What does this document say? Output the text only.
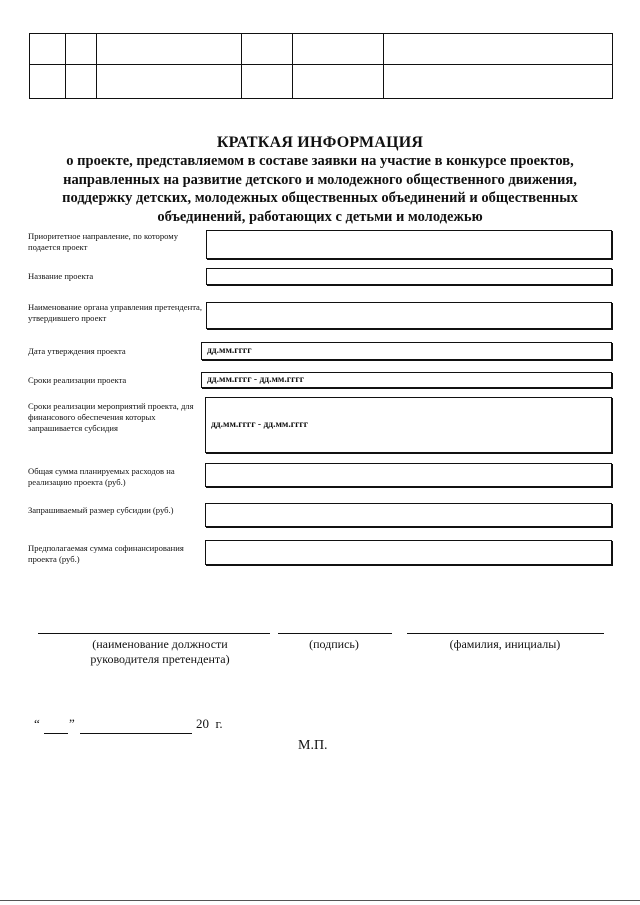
КРАТКАЯ ИНФОРМАЦИЯ
о проекте, представляемом в составе заявки на участие в конкурсе проектов, направленных на развитие детского и молодежного общественного движения, поддержку детских, молодежных общественных объединений и общественных объединений, работающих с детьми и молодежью
Приоритетное направление, по которому подается проект
Название проекта
Наименование органа управления претендента, утвердившего проект
Дата утверждения проекта	дд.мм.гггг
Сроки реализации проекта	дд.мм.гггг - дд.мм.гггг
Сроки реализации мероприятий проекта, для финансового обеспечения которых запрашивается субсидия	дд.мм.гггг - дд.мм.гггг
Общая сумма планируемых расходов на реализацию проекта (руб.)
Запрашиваемый размер субсидии (руб.)
Предполагаемая сумма софинансирования проекта (руб.)
(наименование должности руководителя претендента)
(подпись)	(фамилия, инициалы)
“ ”	20  г.
М.П.
